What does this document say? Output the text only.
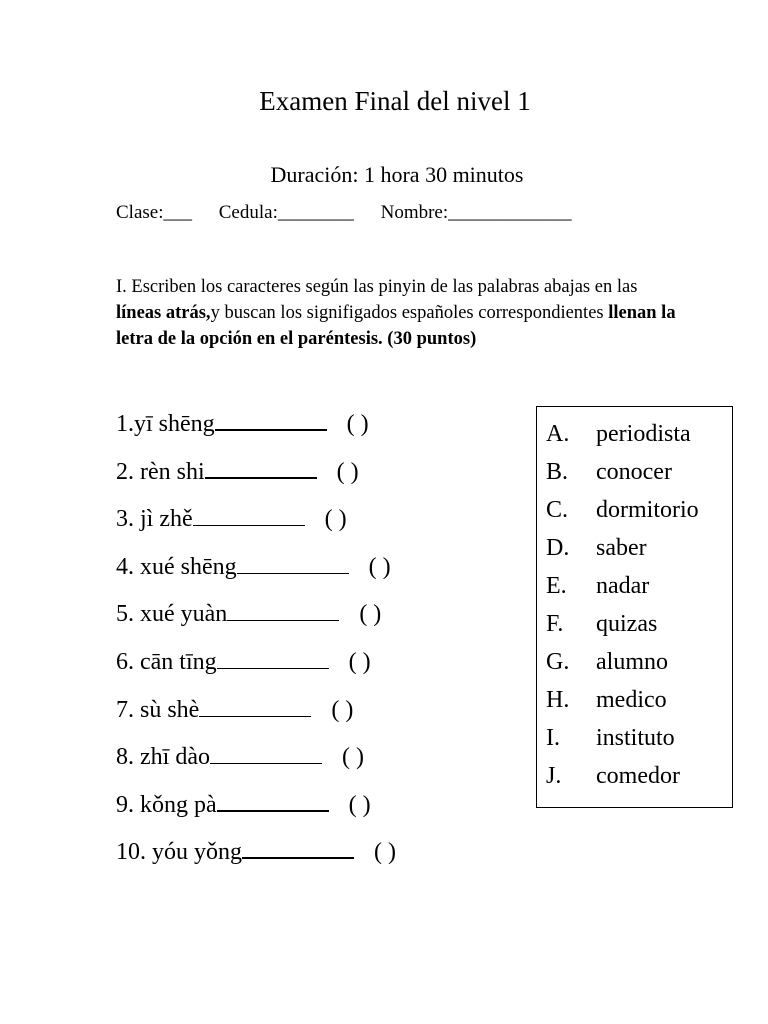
Examen Final del nivel 1
Duración: 1 hora 30 minutos
Clase:___ Cedula:________ Nombre:_____________
I. Escriben los caracteres según las pinyin de las palabras abajas en las líneas atrás,y buscan los signifigados españoles correspondientes llenan la letra de la opción en el paréntesis. (30 puntos)
1.yī shēng	( )
2. rèn shi	( )
3. jì zhě	( )
4. xué shēng	( )
5. xué yuàn	( )
6. cān tīng	( )
7. sù shè	( )
8. zhī dào	( )
9. kǒng pà	( )
10. yóu yǒng	( )
A. periodista
B. conocer
C. dormitorio
D. saber
E. nadar
F. quizas
G. alumno
H. medico
I. instituto
J. comedor
